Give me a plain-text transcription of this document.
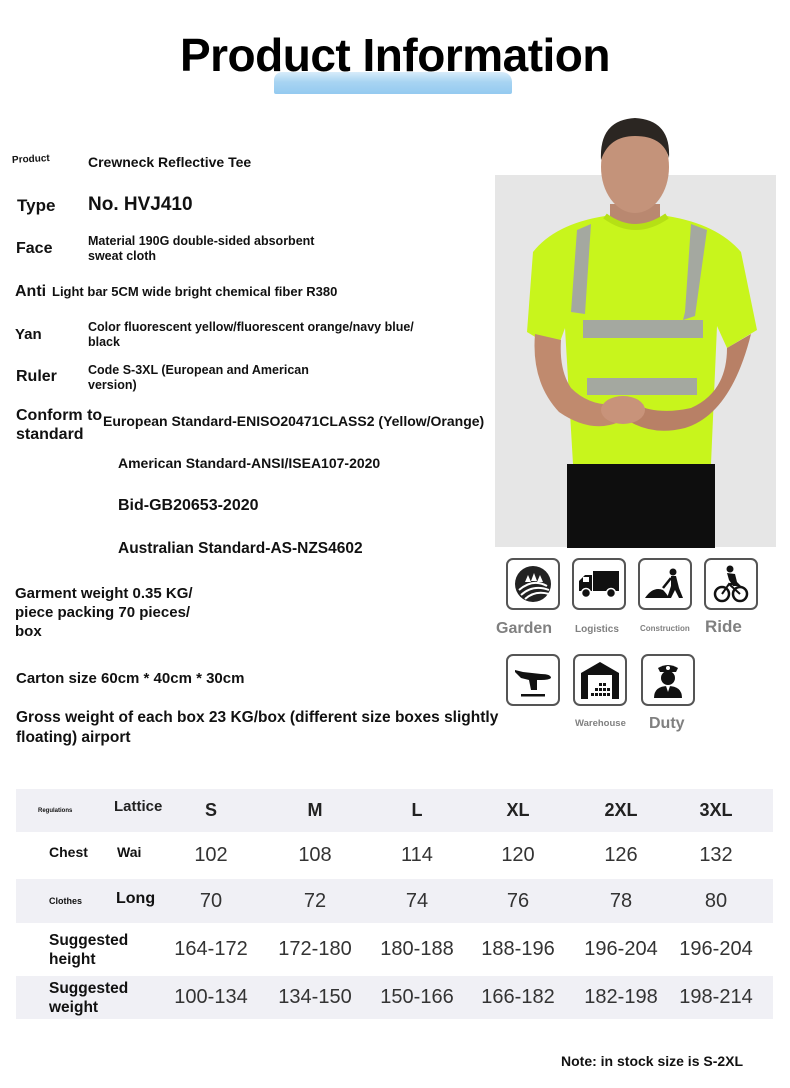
Product Information
Product	Crewneck Reflective Tee
Type No. HVJ410
Face	Material 190G double-sided absorbent
sweat cloth
Anti Light bar 5CM wide bright chemical fiber R380
Yan	Color fluorescent yellow/fluorescent orange/navy blue/
black
Ruler Code S-3XL (European and American
version)
Conform to
standard
European Standard-ENISO20471CLASS2 (Yellow/Orange)
American Standard-ANSI/ISEA107-2020
Bid-GB20653-2020
Australian Standard-AS-NZS4602
Garment weight 0.35 KG/
piece packing 70 pieces/
box
Carton size 60cm * 40cm * 30cm
Gross weight of each box 23 KG/box (different size boxes slightly
floating) airport
Garden Logistics	Construction Ride
Warehouse Duty
Regulations	Lattice	S	M	L	XL	2XL	3XL
Chest	Wai	102	108	114	120	126	132
Clothes	Long	70	72	74	76	78	80
Suggested
height	164-172	172-180	180-188	188-196	196-204	196-204
Suggested
weight	100-134	134-150	150-166	166-182	182-198	198-214
Note: in stock size is S-2XL
